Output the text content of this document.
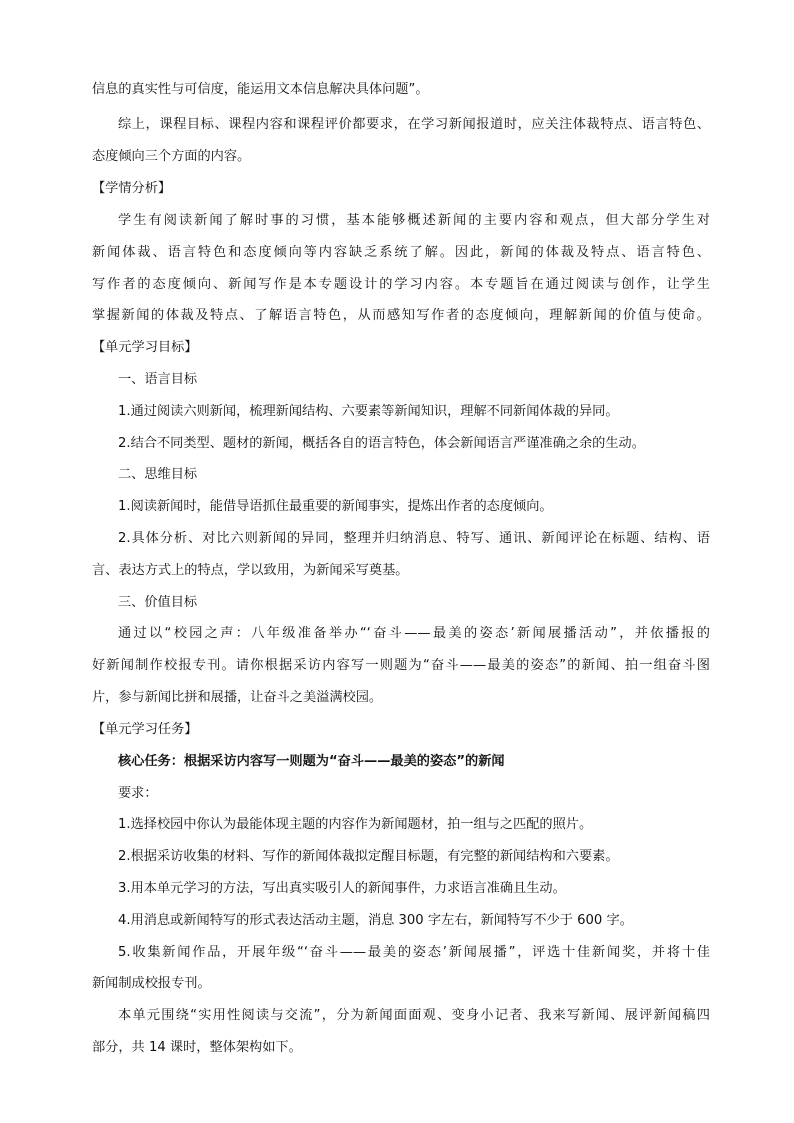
信息的真实性与可信度，能运用文本信息解决具体问题”。
综上，课程目标、课程内容和课程评价都要求，在学习新闻报道时，应关注体裁特点、语言特色、
态度倾向三个方面的内容。
【学情分析】
学生有阅读新闻了解时事的习惯，基本能够概述新闻的主要内容和观点，但大部分学生对
新闻体裁、语言特色和态度倾向等内容缺乏系统了解。因此，新闻的体裁及特点、语言特色、
写作者的态度倾向、新闻写作是本专题设计的学习内容。本专题旨在通过阅读与创作，让学生
掌握新闻的体裁及特点、了解语言特色，从而感知写作者的态度倾向，理解新闻的价值与使命。
【单元学习目标】
一、语言目标
1.通过阅读六则新闻，梳理新闻结构、六要素等新闻知识，理解不同新闻体裁的异同。
2.结合不同类型、题材的新闻，概括各自的语言特色，体会新闻语言严谨准确之余的生动。
二、思维目标
1.阅读新闻时，能借导语抓住最重要的新闻事实，提炼出作者的态度倾向。
2.具体分析、对比六则新闻的异同，整理并归纳消息、特写、通讯、新闻评论在标题、结构、语
言、表达方式上的特点，学以致用，为新闻采写奠基。
三、价值目标
通过以“校园之声：八年级准备举办“‘奋斗——最美的姿态’新闻展播活动”，并依播报的
好新闻制作校报专刊。请你根据采访内容写一则题为“奋斗——最美的姿态”的新闻、拍一组奋斗图
片，参与新闻比拼和展播，让奋斗之美溢满校园。
【单元学习任务】
核心任务：根据采访内容写一则题为“奋斗——最美的姿态”的新闻
要求：
1.选择校园中你认为最能体现主题的内容作为新闻题材，拍一组与之匹配的照片。
2.根据采访收集的材料、写作的新闻体裁拟定醒目标题，有完整的新闻结构和六要素。
3.用本单元学习的方法，写出真实吸引人的新闻事件，力求语言准确且生动。
4.用消息或新闻特写的形式表达活动主题，消息 300 字左右，新闻特写不少于 600 字。
5.收集新闻作品，开展年级“‘奋斗——最美的姿态’新闻展播”，评选十佳新闻奖，并将十佳
新闻制成校报专刊。
本单元围绕“实用性阅读与交流”，分为新闻面面观、变身小记者、我来写新闻、展评新闻稿四
部分，共 14 课时，整体架构如下。
